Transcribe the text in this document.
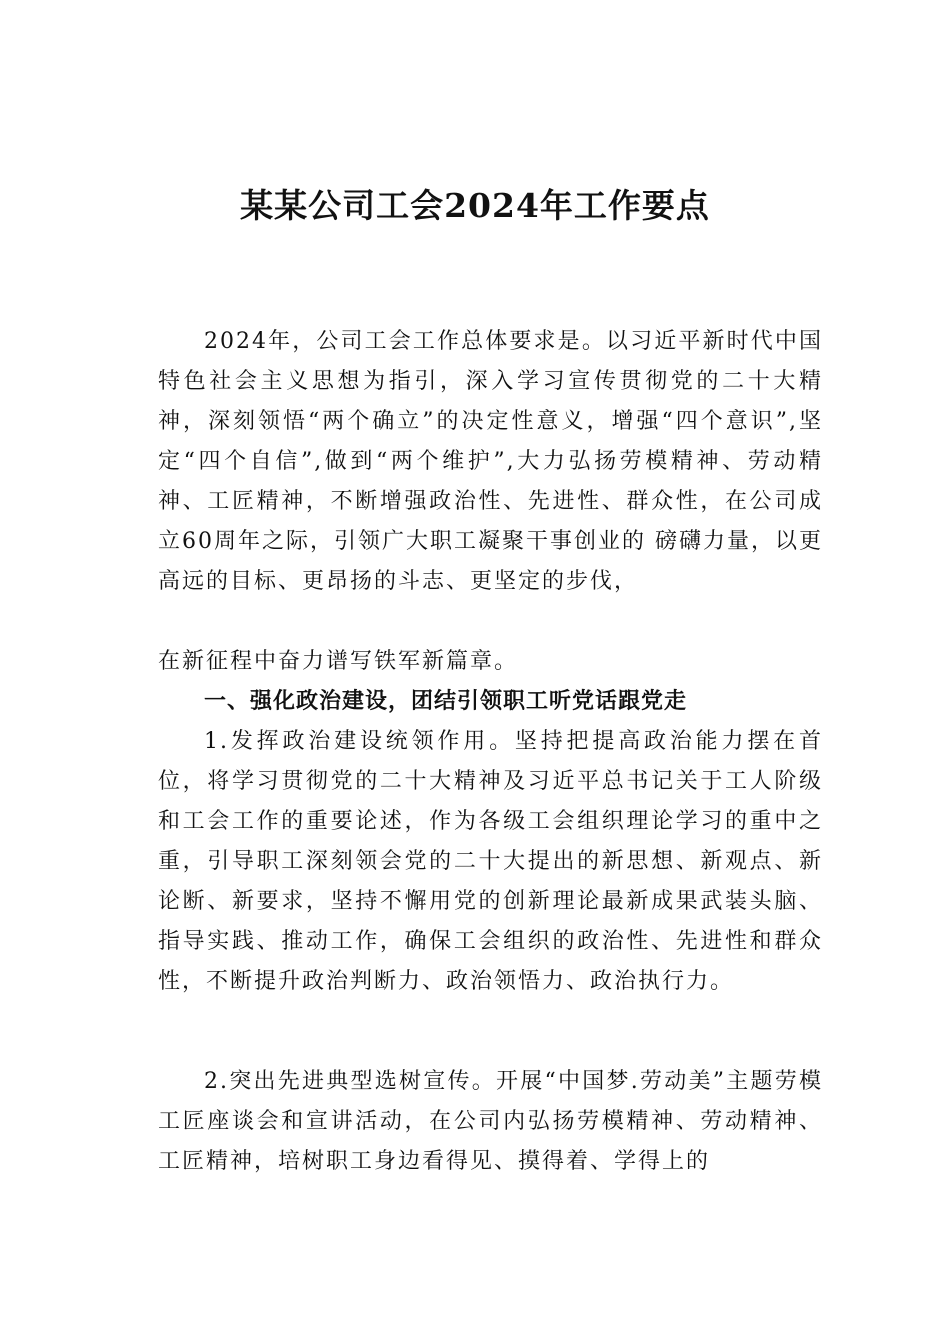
某某公司工会2024年工作要点

2024年，公司工会工作总体要求是。以习近平新时代中国特色社会主义思想为指引，深入学习宣传贯彻党的二十大精神，深刻领悟“两个确立”的决定性意义，增强“四个意识”,坚定“四个自信”,做到“两个维护”,大力弘扬劳模精神、劳动精神、工匠精神，不断增强政治性、先进性、群众性，在公司成立60周年之际，引领广大职工凝聚干事创业的 磅礴力量，以更高远的目标、更昂扬的斗志、更坚定的步伐，

在新征程中奋力谱写铁军新篇章。

一、强化政治建设，团结引领职工听党话跟党走

1.发挥政治建设统领作用。坚持把提高政治能力摆在首位，将学习贯彻党的二十大精神及习近平总书记关于工人阶级和工会工作的重要论述，作为各级工会组织理论学习的重中之重，引导职工深刻领会党的二十大提出的新思想、新观点、新论断、新要求，坚持不懈用党的创新理论最新成果武装头脑、指导实践、推动工作，确保工会组织的政治性、先进性和群众性，不断提升政治判断力、政治领悟力、政治执行力。

2.突出先进典型选树宣传。开展“中国梦.劳动美”主题劳模工匠座谈会和宣讲活动，在公司内弘扬劳模精神、劳动精神、工匠精神，培树职工身边看得见、摸得着、学得上的
